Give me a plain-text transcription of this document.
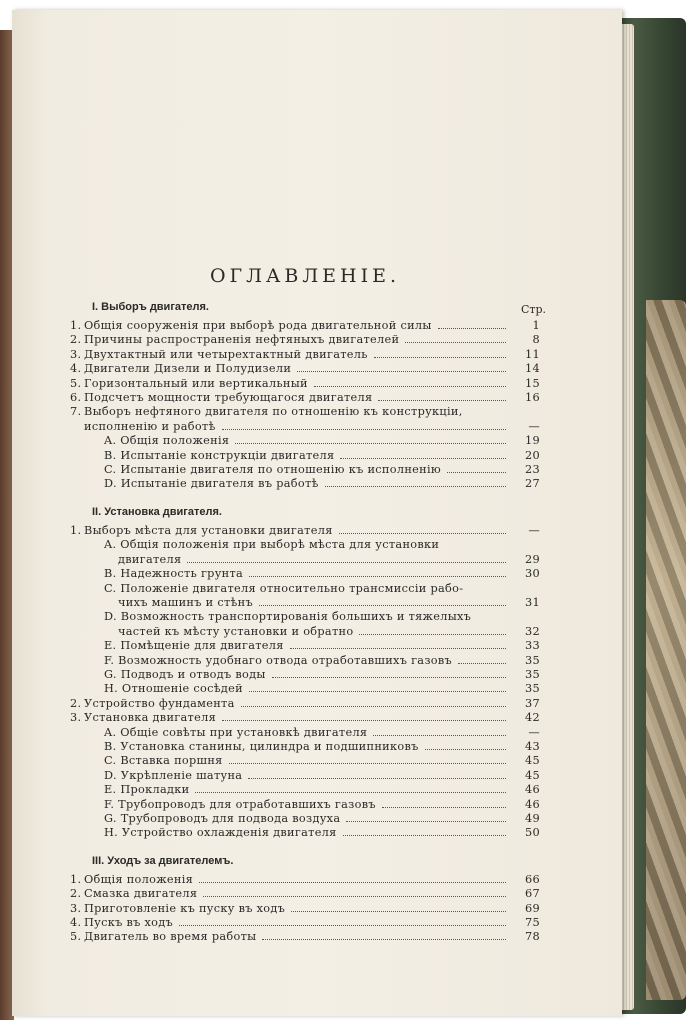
ОГЛАВЛЕНІЕ.
Стр.
I. Выборъ двигателя.
1. Общія сооруженія при выборѣ рода двигательной силы	1
2. Причины распространенія нефтяныхъ двигателей	8
3. Двухтактный или четырехтактный двигатель	11
4. Двигатели Дизели и Полудизели	14
5. Горизонтальный или вертикальный	15
6. Подсчетъ мощности требующагося двигателя	16
7. Выборъ нефтяного двигателя по отношенію къ конструкціи,
исполненію и работѣ	—
A. Общія положенія	19
B. Испытаніе конструкціи двигателя	20
C. Испытаніе двигателя по отношенію къ исполненію	23
D. Испытаніе двигателя въ работѣ	27
II. Установка двигателя.
1. Выборъ мѣста для установки двигателя	—
A. Общія положенія при выборѣ мѣста для установки
двигателя	29
B. Надежность грунта	30
C. Положеніе двигателя относительно трансмиссіи рабо-
чихъ машинъ и стѣнъ	31
D. Возможность транспортированія большихъ и тяжелыхъ
частей къ мѣсту установки и обратно	32
E. Помѣщеніе для двигателя	33
F. Возможность удобнаго отвода отработавшихъ газовъ	35
G. Подводъ и отводъ воды	35
H. Отношеніе сосѣдей	35
2. Устройство фундамента	37
3. Установка двигателя	42
A. Общіе совѣты при установкѣ двигателя	—
B. Установка станины, цилиндра и подшипниковъ	43
C. Вставка поршня	45
D. Укрѣпленіе шатуна	45
E. Прокладки	46
F. Трубопроводъ для отработавшихъ газовъ	46
G. Трубопроводъ для подвода воздуха	49
H. Устройство охлажденія двигателя	50
III. Уходъ за двигателемъ.
1. Общія положенія	66
2. Смазка двигателя	67
3. Приготовленіе къ пуску въ ходъ	69
4. Пускъ въ ходъ	75
5. Двигатель во время работы	78
